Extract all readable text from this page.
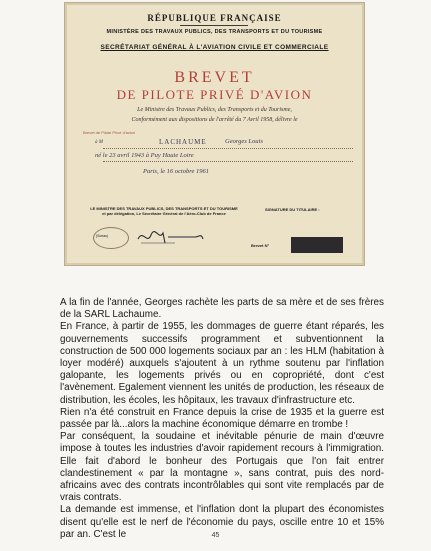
RÉPUBLIQUE FRANÇAISE
MINISTÈRE DES TRAVAUX PUBLICS, DES TRANSPORTS ET DU TOURISME
SECRÉTARIAT GÉNÉRAL À L'AVIATION CIVILE ET COMMERCIALE
BREVET
DE PILOTE PRIVÉ D'AVION
Le Ministre des Travaux Publics, des Transports et du Tourisme,
Conformément aux dispositions de l'arrêté du 7 Avril 1958, délivre le
Brevet de Pilote Privé d'avion
à M	LACHAUME	Georges Louis
né le 23 avril 1943 à Puy Haute Loire
Paris, le 16 octobre 1961
LE MINISTRE DES TRAVAUX PUBLICS, DES TRANSPORTS ET DU TOURISME et par délégation, Le Secrétaire Général de l'Aéro-Club de France
SIGNATURE DU TITULAIRE :
(Sceau)
Brevet N°

A la fin de l'année, Georges rachète les parts de sa mère et de ses frères de la SARL Lachaume.

En France, à partir de 1955, les dommages de guerre étant réparés, les gouvernements successifs programment et subventionnent la construction de 500 000 logements sociaux par an : les HLM (habitation à loyer modéré) auxquels s'ajoutent à un rythme soutenu par l'inflation galopante, les logements privés ou en copropriété, dont c'est l'avènement. Egalement viennent les unités de production, les réseaux de distribution, les écoles, les hôpitaux, les travaux d'infrastructure etc.

Rien n'a été construit en France depuis la crise de 1935 et la guerre est passée par là...alors la machine économique démarre en trombe !

Par conséquent, la soudaine et inévitable pénurie de main d'œuvre impose à toutes les industries d'avoir rapidement recours à l'immigration. Elle fait d'abord le bonheur des Portugais que l'on fait entrer clandestinement « par la montagne », sans contrat, puis des nord-africains avec des contrats incontrôlables qui sont vite remplacés par de vrais contrats.

La demande est immense, et l'inflation dont la plupart des économistes disent qu'elle est le nerf de l'économie du pays, oscille entre 10 et 15% par an. C'est le	45
